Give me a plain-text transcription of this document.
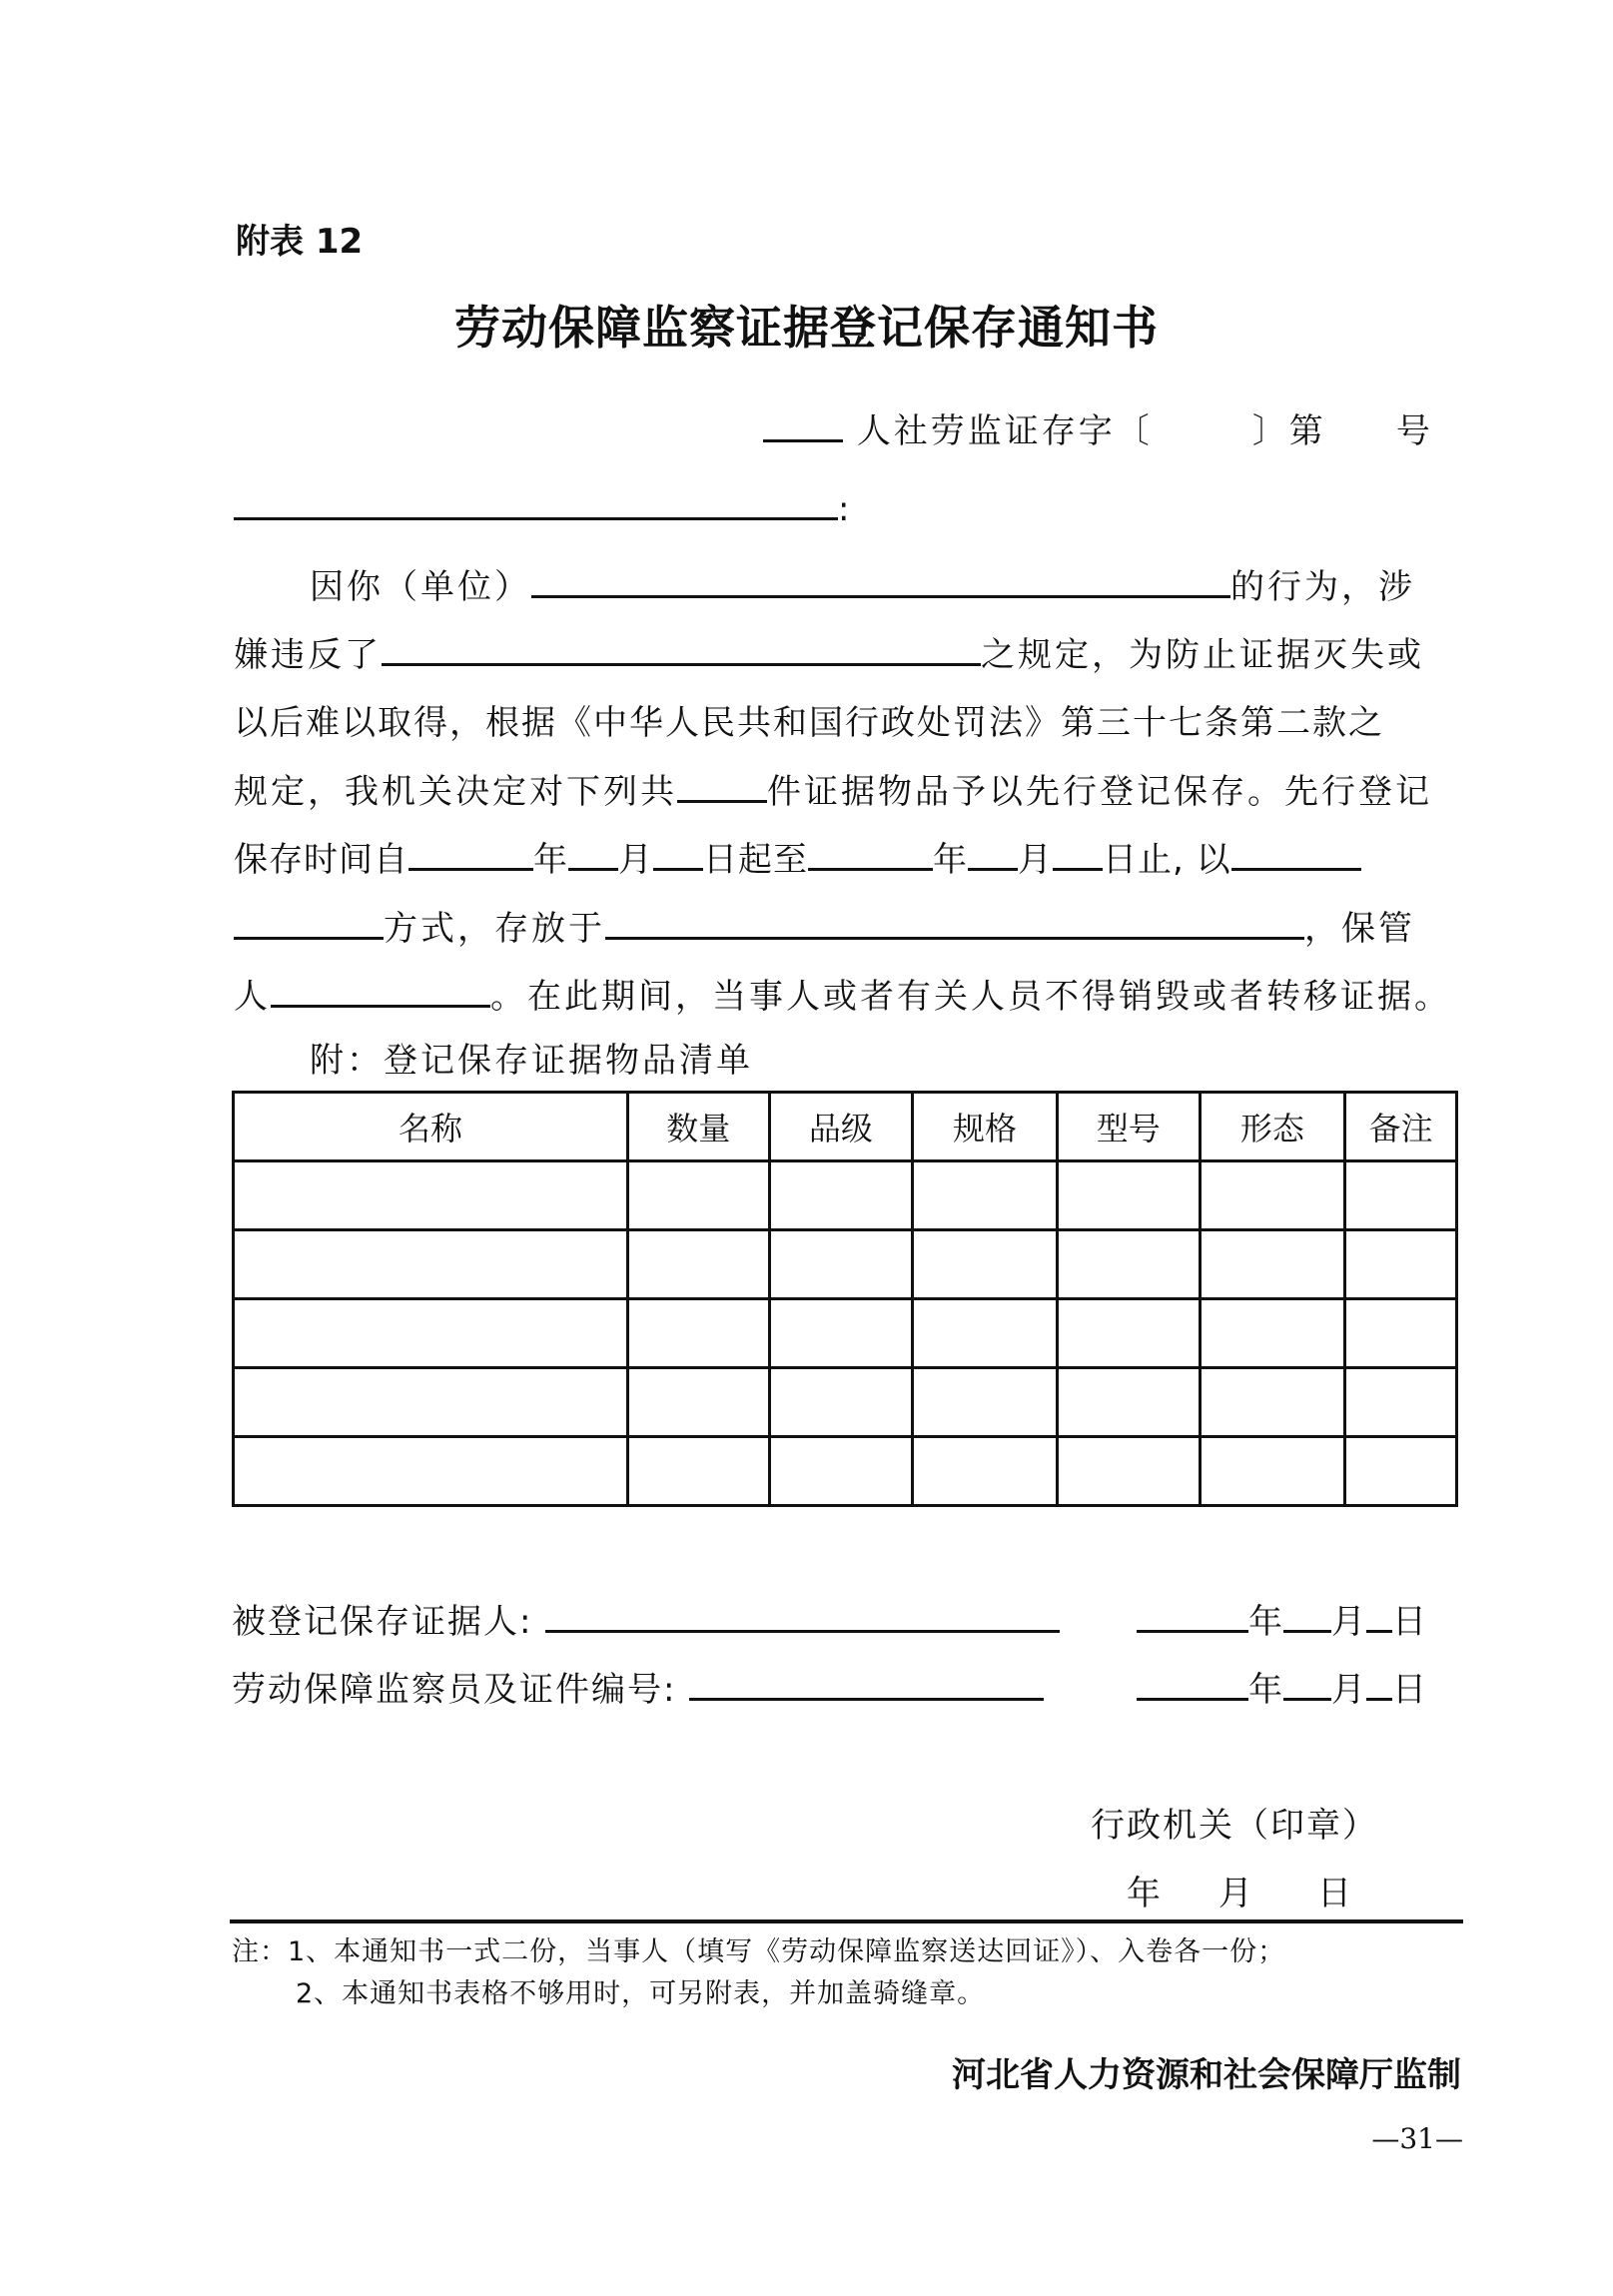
附表 12
劳动保障监察证据登记保存通知书
人社劳监证存字〔	〕第 号
:
因你（单位）	的行为，涉
嫌违反了	之规定，为防止证据灭失或
以后难以取得，根据《中华人民共和国行政处罚法》第三十七条第二款之
规定，我机关决定对下列共	件证据物品予以先行登记保存。先行登记
保存时间自	年 月 日起至	年 月 日止, 以
方式，存放于	，保管
人	。在此期间，当事人或者有关人员不得销毁或者转移证据。
附：登记保存证据物品清单
名称	数量	品级	规格	型号	形态	备注

被登记保存证据人:	年 月 日
劳动保障监察员及证件编号:	年 月 日
行政机关（印章）
年 月 日
注：1、本通知书一式二份，当事人（填写《劳动保障监察送达回证》）、入卷各一份；
2、本通知书表格不够用时，可另附表，并加盖骑缝章。
河北省人力资源和社会保障厅监制
—31—
